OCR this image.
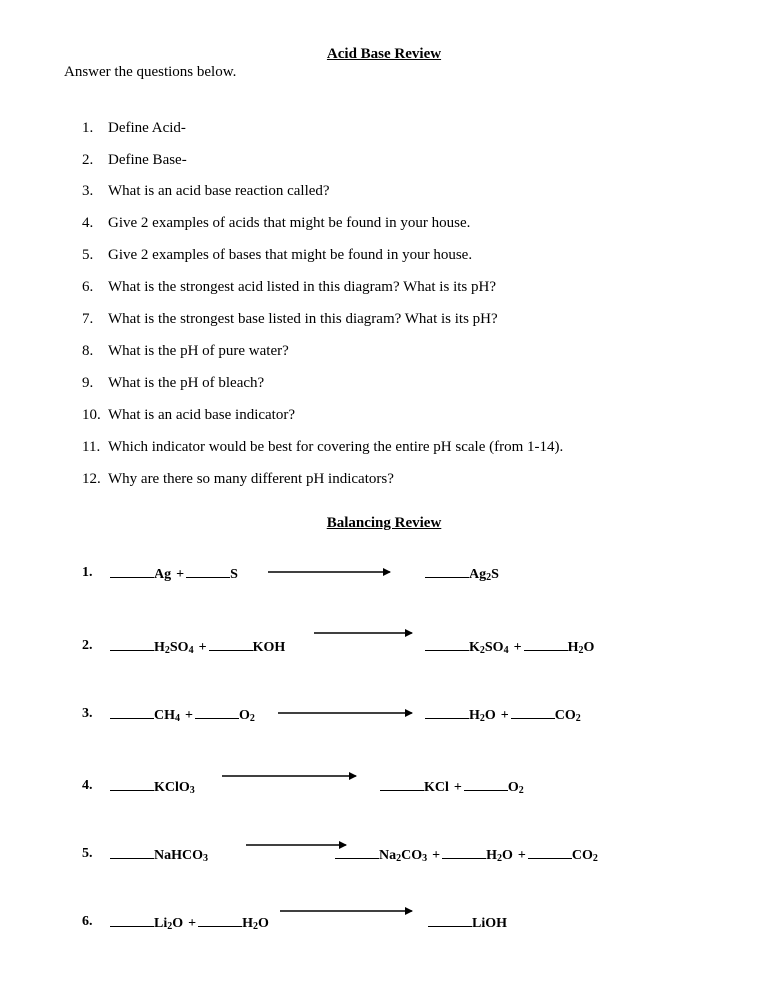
Acid Base Review
Answer the questions below.
1. Define Acid-
2. Define Base-
3. What is an acid base reaction called?
4. Give 2 examples of acids that might be found in your house.
5. Give 2 examples of bases that might be found in your house.
6. What is the strongest acid listed in this diagram? What is its pH?
7. What is the strongest base listed in this diagram? What is its pH?
8. What is the pH of pure water?
9. What is the pH of bleach?
10. What is an acid base indicator?
11. Which indicator would be best for covering the entire pH scale (from 1-14).
12. Why are there so many different pH indicators?
Balancing Review
1.	Ag +	S	$Ag_2S$
2.	$H_2SO_4$ +	KOH	$K_2SO_4$ +	$H_2O$
3.	$CH_4$ +	$O_2$	$H_2O$ +	$CO_2$
4.	KClO$_3$	KCl +	$O_2$
5.	NaHCO$_3$	$Na_2CO_3$ +	$H_2O$ +	$CO_2$
6.	$Li_2O$ +	$H_2O$	LiOH
